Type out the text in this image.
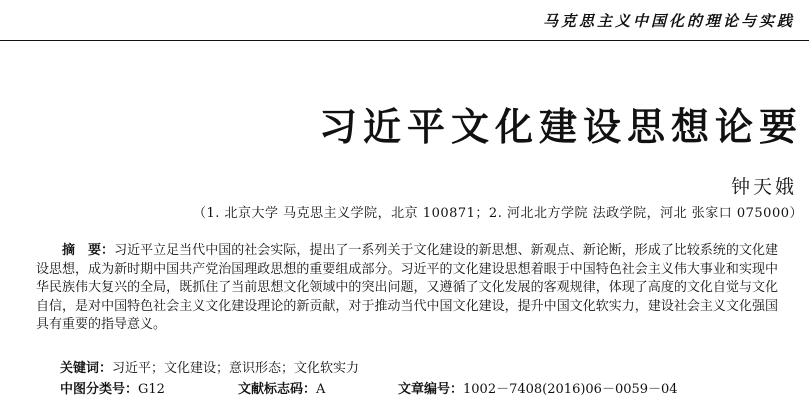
马克思主义中国化的理论与实践
习近平文化建设思想论要
钟天娥
（1. 北京大学 马克思主义学院，北京 100871；2. 河北北方学院 法政学院，河北 张家口 075000）

摘　要：习近平立足当代中国的社会实际，提出了一系列关于文化建设的新思想、新观点、新论断，形成了比较系统的文化建设思想，成为新时期中国共产党治国理政思想的重要组成部分。习近平的文化建设思想着眼于中国特色社会主义伟大事业和实现中华民族伟大复兴的全局，既抓住了当前思想文化领域中的突出问题，又遵循了文化发展的客观规律，体现了高度的文化自觉与文化自信，是对中国特色社会主义文化建设理论的新贡献，对于推动当代中国文化建设，提升中国文化软实力，建设社会主义文化强国具有重要的指导意义。

关键词：习近平；文化建设；意识形态；文化软实力
中图分类号：G12	文献标志码：A	文章编号：1002－7408(2016)06－0059－04
